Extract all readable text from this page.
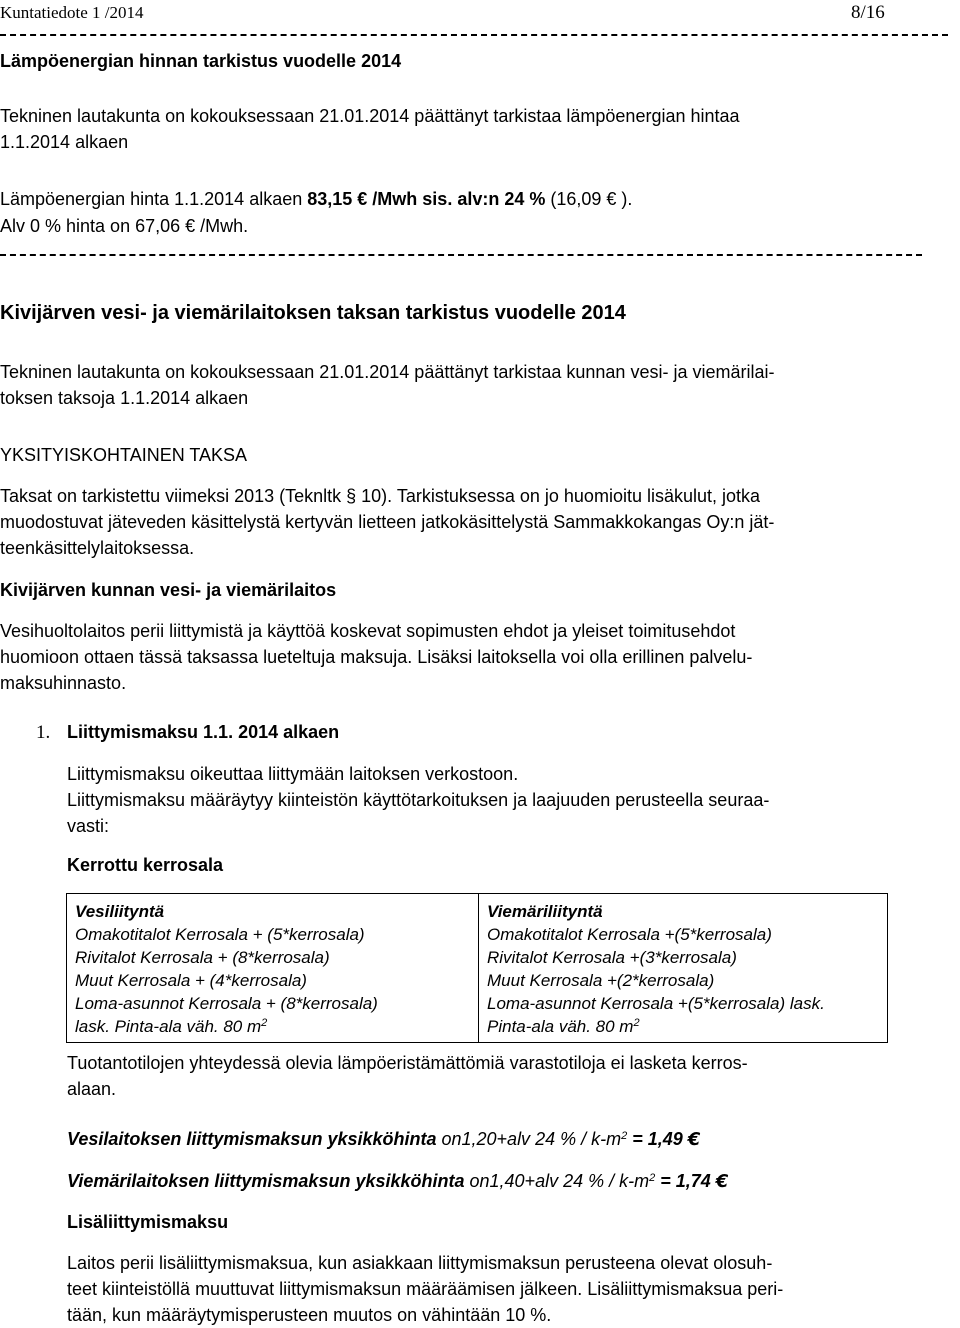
Kuntatiedote 1 /2014	8/16
Lämpöenergian hinnan tarkistus vuodelle 2014
Tekninen lautakunta on kokouksessaan 21.01.2014 päättänyt tarkistaa lämpöenergian hintaa
1.1.2014 alkaen
Lämpöenergian hinta 1.1.2014 alkaen 83,15 € /Mwh sis. alv:n 24 % (16,09 € ).
Alv 0 % hinta on 67,06 € /Mwh.
Kivijärven vesi- ja viemärilaitoksen taksan tarkistus vuodelle 2014
Tekninen lautakunta on kokouksessaan 21.01.2014 päättänyt tarkistaa kunnan vesi- ja viemärilai-
toksen taksoja 1.1.2014 alkaen
YKSITYISKOHTAINEN TAKSA
Taksat on tarkistettu viimeksi 2013 (Teknltk § 10). Tarkistuksessa on jo huomioitu lisäkulut, jotka
muodostuvat jäteveden käsittelystä kertyvän lietteen jatkokäsittelystä Sammakkokangas Oy:n jät-
teenkäsittelylaitoksessa.
Kivijärven kunnan vesi- ja viemärilaitos
Vesihuoltolaitos perii liittymistä ja käyttöä koskevat sopimusten ehdot ja yleiset toimitusehdot
huomioon ottaen tässä taksassa lueteltuja maksuja. Lisäksi laitoksella voi olla erillinen palvelu-
maksuhinnasto.
1. Liittymismaksu 1.1. 2014 alkaen
Liittymismaksu oikeuttaa liittymään laitoksen verkostoon.
Liittymismaksu määräytyy kiinteistön käyttötarkoituksen ja laajuuden perusteella seuraa-
vasti:
Kerrottu kerrosala
Vesiliityntä
Omakotitalot Kerrosala + (5*kerrosala)
Rivitalot Kerrosala + (8*kerrosala)
Muut Kerrosala + (4*kerrosala)
Loma-asunnot Kerrosala + (8*kerrosala)
lask. Pinta-ala väh. 80 $m^2$

Viemäriliityntä
Omakotitalot Kerrosala +(5*kerrosala)
Rivitalot Kerrosala +(3*kerrosala)
Muut Kerrosala +(2*kerrosala)
Loma-asunnot Kerrosala +(5*kerrosala) lask.
Pinta-ala väh. 80 $m^2$
Tuotantotilojen yhteydessä olevia lämpöeristämättömiä varastotiloja ei lasketa kerros-
alaan.
Vesilaitoksen liittymismaksun yksikköhinta on1,20+alv 24 % / $k-m^2 = 1,49$ €
Viemärilaitoksen liittymismaksun yksikköhinta on1,40+alv 24 % / $k-m^2 = 1,74$ €
Lisäliittymismaksu
Laitos perii lisäliittymismaksua, kun asiakkaan liittymismaksun perusteena olevat olosuh-
teet kiinteistöllä muuttuvat liittymismaksun määräämisen jälkeen. Lisäliittymismaksua peri-
tään, kun määräytymisperusteen muutos on vähintään 10 %.
